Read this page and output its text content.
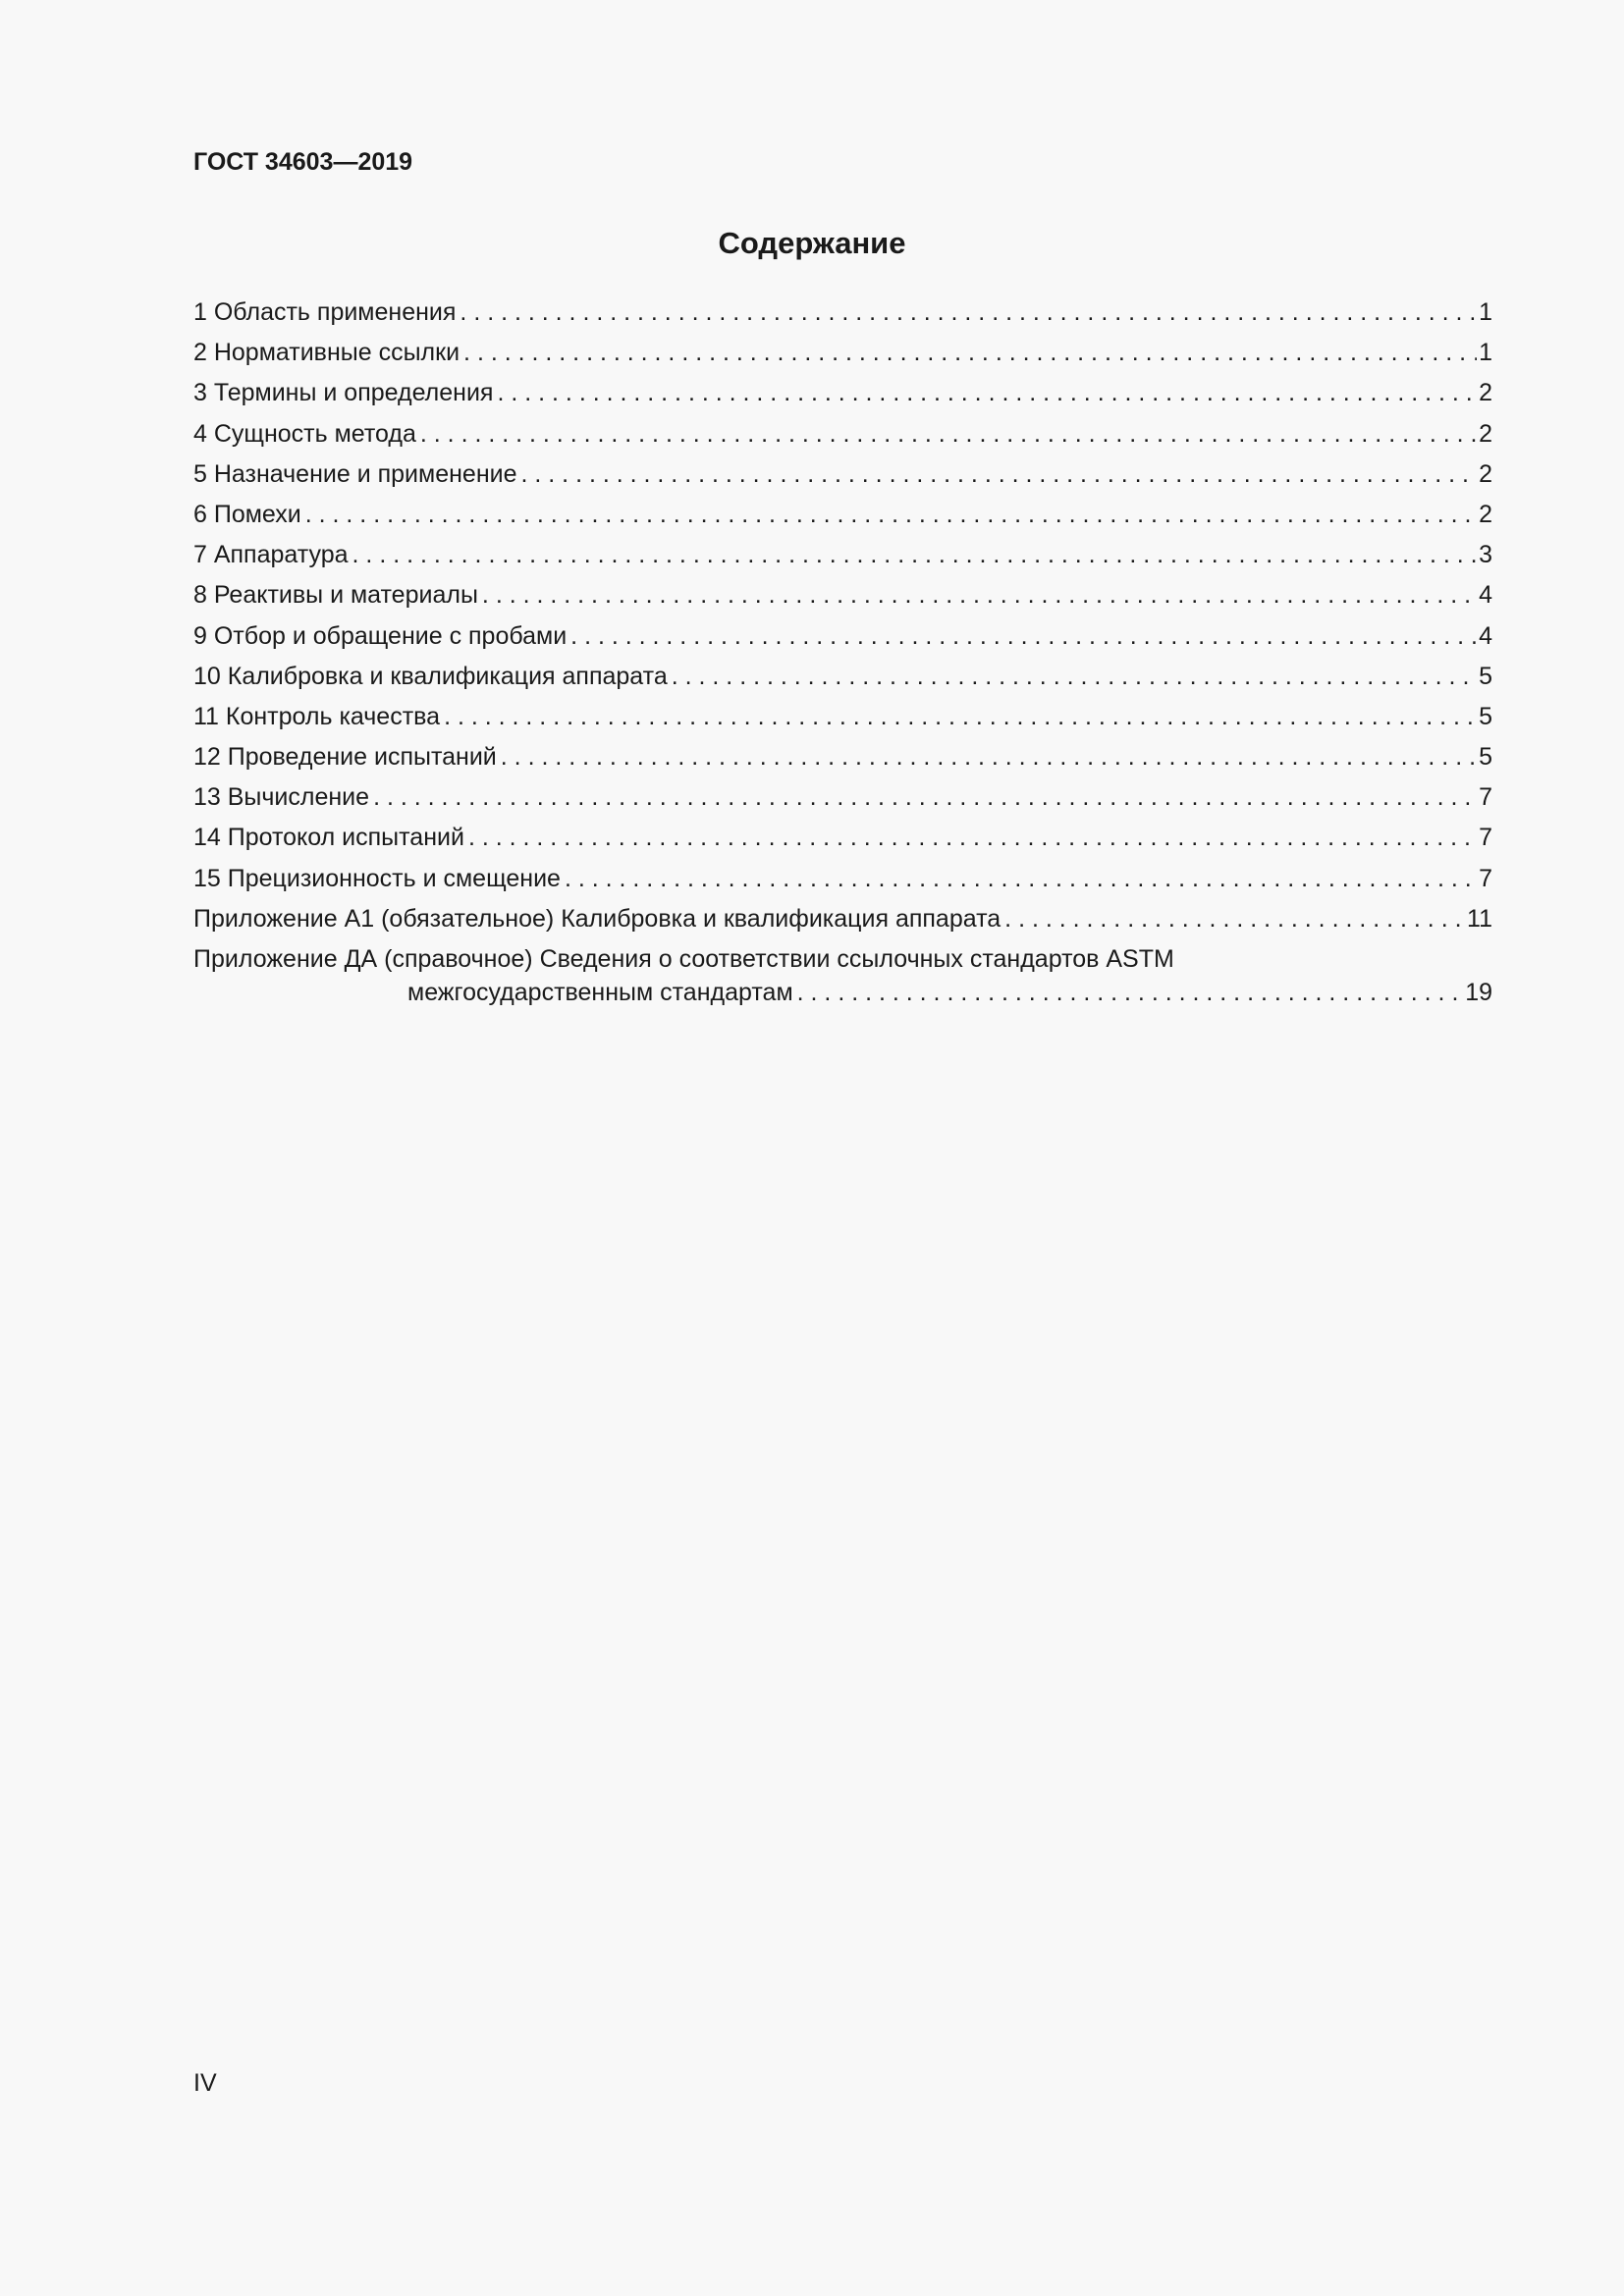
ГОСТ 34603—2019
Содержание
1 Область применения . . .	1
2 Нормативные ссылки . . .	1
3 Термины и определения . . .	2
4 Сущность метода . . .	2
5 Назначение и применение . . .	2
6 Помехи . . .	2
7 Аппаратура . . .	3
8 Реактивы и материалы . . .	4
9 Отбор и обращение с пробами . . .	4
10 Калибровка и квалификация аппарата . . .	5
11 Контроль качества . . .	5
12 Проведение испытаний . . .	5
13 Вычисление . . .	7
14 Протокол испытаний . . .	7
15 Прецизионность и смещение . . .	7
Приложение А1 (обязательное) Калибровка и квалификация аппарата . . .	11
Приложение ДА (справочное) Сведения о соответствии ссылочных стандартов ASTM
межгосударственным стандартам . . .	19
IV
